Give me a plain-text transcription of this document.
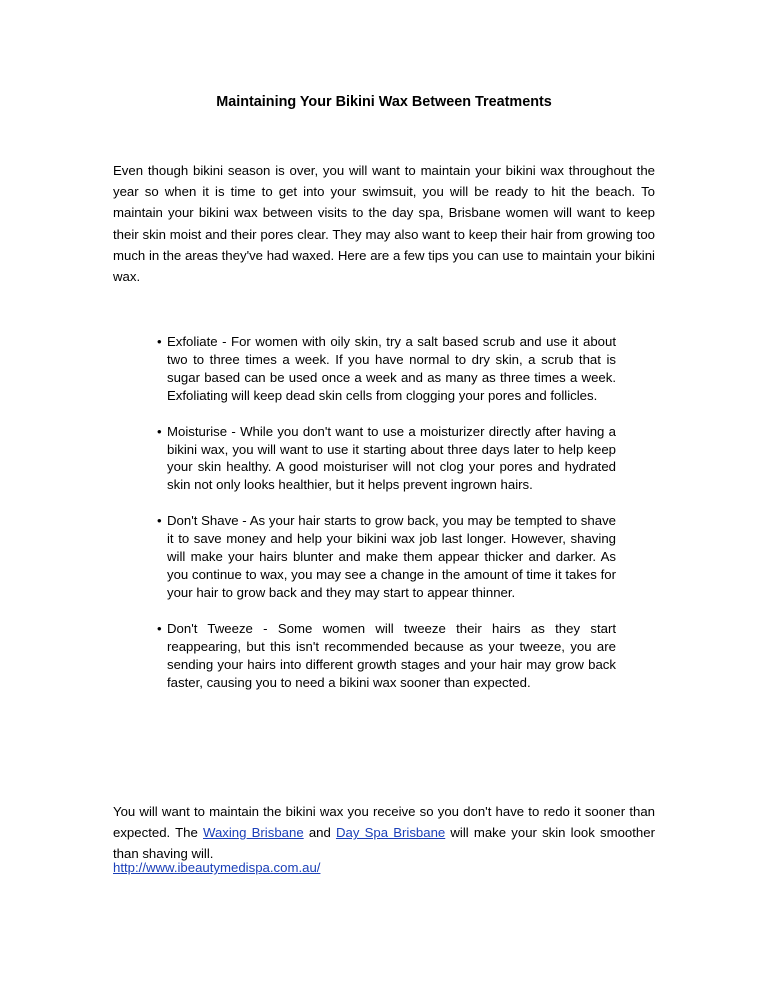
Maintaining Your Bikini Wax Between Treatments

Even though bikini season is over, you will want to maintain your bikini wax throughout the year so when it is time to get into your swimsuit, you will be ready to hit the beach. To maintain your bikini wax between visits to the day spa, Brisbane women will want to keep their skin moist and their pores clear. They may also want to keep their hair from growing too much in the areas they've had waxed. Here are a few tips you can use to maintain your bikini wax.

• Exfoliate - For women with oily skin, try a salt based scrub and use it about two to three times a week. If you have normal to dry skin, a scrub that is sugar based can be used once a week and as many as three times a week. Exfoliating will keep dead skin cells from clogging your pores and follicles.
• Moisturise - While you don't want to use a moisturizer directly after having a bikini wax, you will want to use it starting about three days later to help keep your skin healthy. A good moisturiser will not clog your pores and hydrated skin not only looks healthier, but it helps prevent ingrown hairs.
• Don't Shave - As your hair starts to grow back, you may be tempted to shave it to save money and help your bikini wax job last longer. However, shaving will make your hairs blunter and make them appear thicker and darker. As you continue to wax, you may see a change in the amount of time it takes for your hair to grow back and they may start to appear thinner.
• Don't Tweeze - Some women will tweeze their hairs as they start reappearing, but this isn't recommended because as your tweeze, you are sending your hairs into different growth stages and your hair may grow back faster, causing you to need a bikini wax sooner than expected.

You will want to maintain the bikini wax you receive so you don't have to redo it sooner than expected. The Waxing Brisbane and Day Spa Brisbane will make your skin look smoother than shaving will.

http://www.ibeautymedispa.com.au/
